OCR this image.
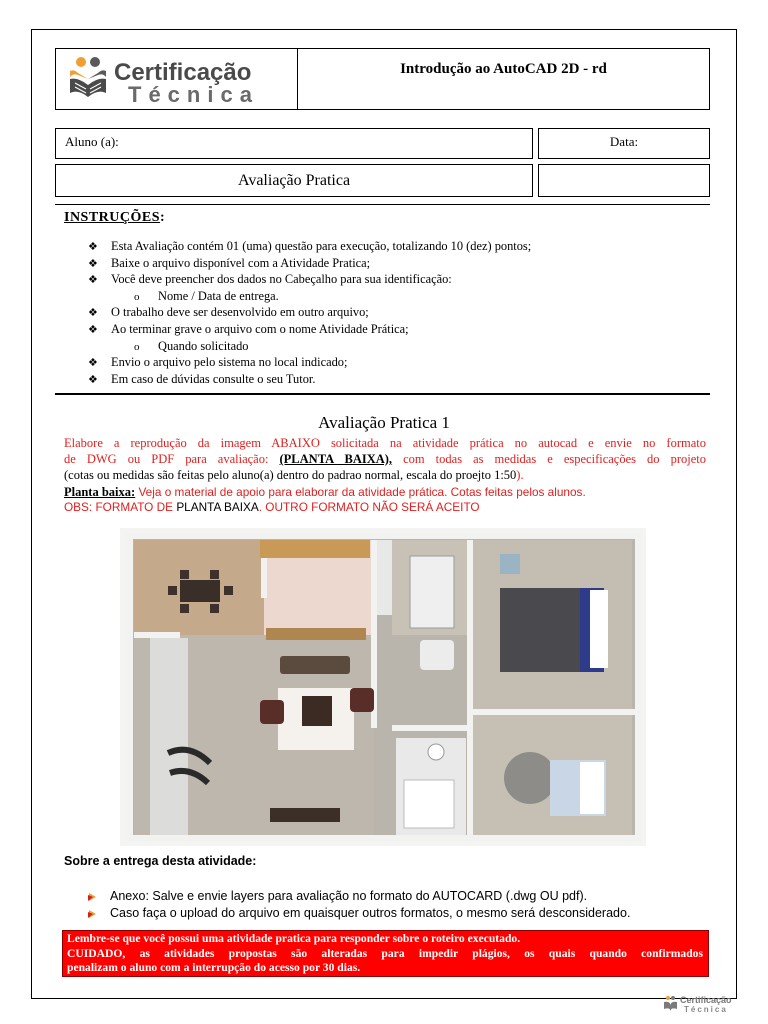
Certificação
Técnica
Introdução ao AutoCAD 2D - rd
Aluno (a):	Data:
Avaliação Pratica
INSTRUÇÕES:
❖	Esta Avaliação contém 01 (uma) questão para execução, totalizando 10 (dez) pontos;
❖	Baixe o arquivo disponível com a Atividade Pratica;
❖	Você deve preencher dos dados no Cabeçalho para sua identificação:
o	Nome / Data de entrega.
❖	O trabalho deve ser desenvolvido em outro arquivo;
❖	Ao terminar grave o arquivo com o nome Atividade Prática;
o	Quando solicitado
❖	Envio o arquivo pelo sistema no local indicado;
❖	Em caso de dúvidas consulte o seu Tutor.
Avaliação Pratica 1
Elabore a reprodução da imagem ABAIXO solicitada na atividade prática no autocad e envie no formato
de DWG ou PDF para avaliação: (PLANTA BAIXA), com todas as medidas e especificações do projeto
(cotas ou medidas são feitas pelo aluno(a) dentro do padrao normal, escala do proejto 1:50).
Planta baixa: Veja o material de apoio para elaborar da atividade prática. Cotas feitas pelos alunos.
OBS: FORMATO DE PLANTA BAIXA. OUTRO FORMATO NÃO SERÁ ACEITO
Sobre a entrega desta atividade:
Anexo: Salve e envie layers para avaliação no formato do AUTOCARD (.dwg OU pdf).
Caso faça o upload do arquivo em quaisquer outros formatos, o mesmo será desconsiderado.
Lembre-se que você possui uma atividade pratica para responder sobre o roteiro executado.
CUIDADO, as atividades propostas são alteradas para impedir plágios, os quais quando confirmados
penalizam o aluno com a interrupção do acesso por 30 dias.
Certificação
Técnica
